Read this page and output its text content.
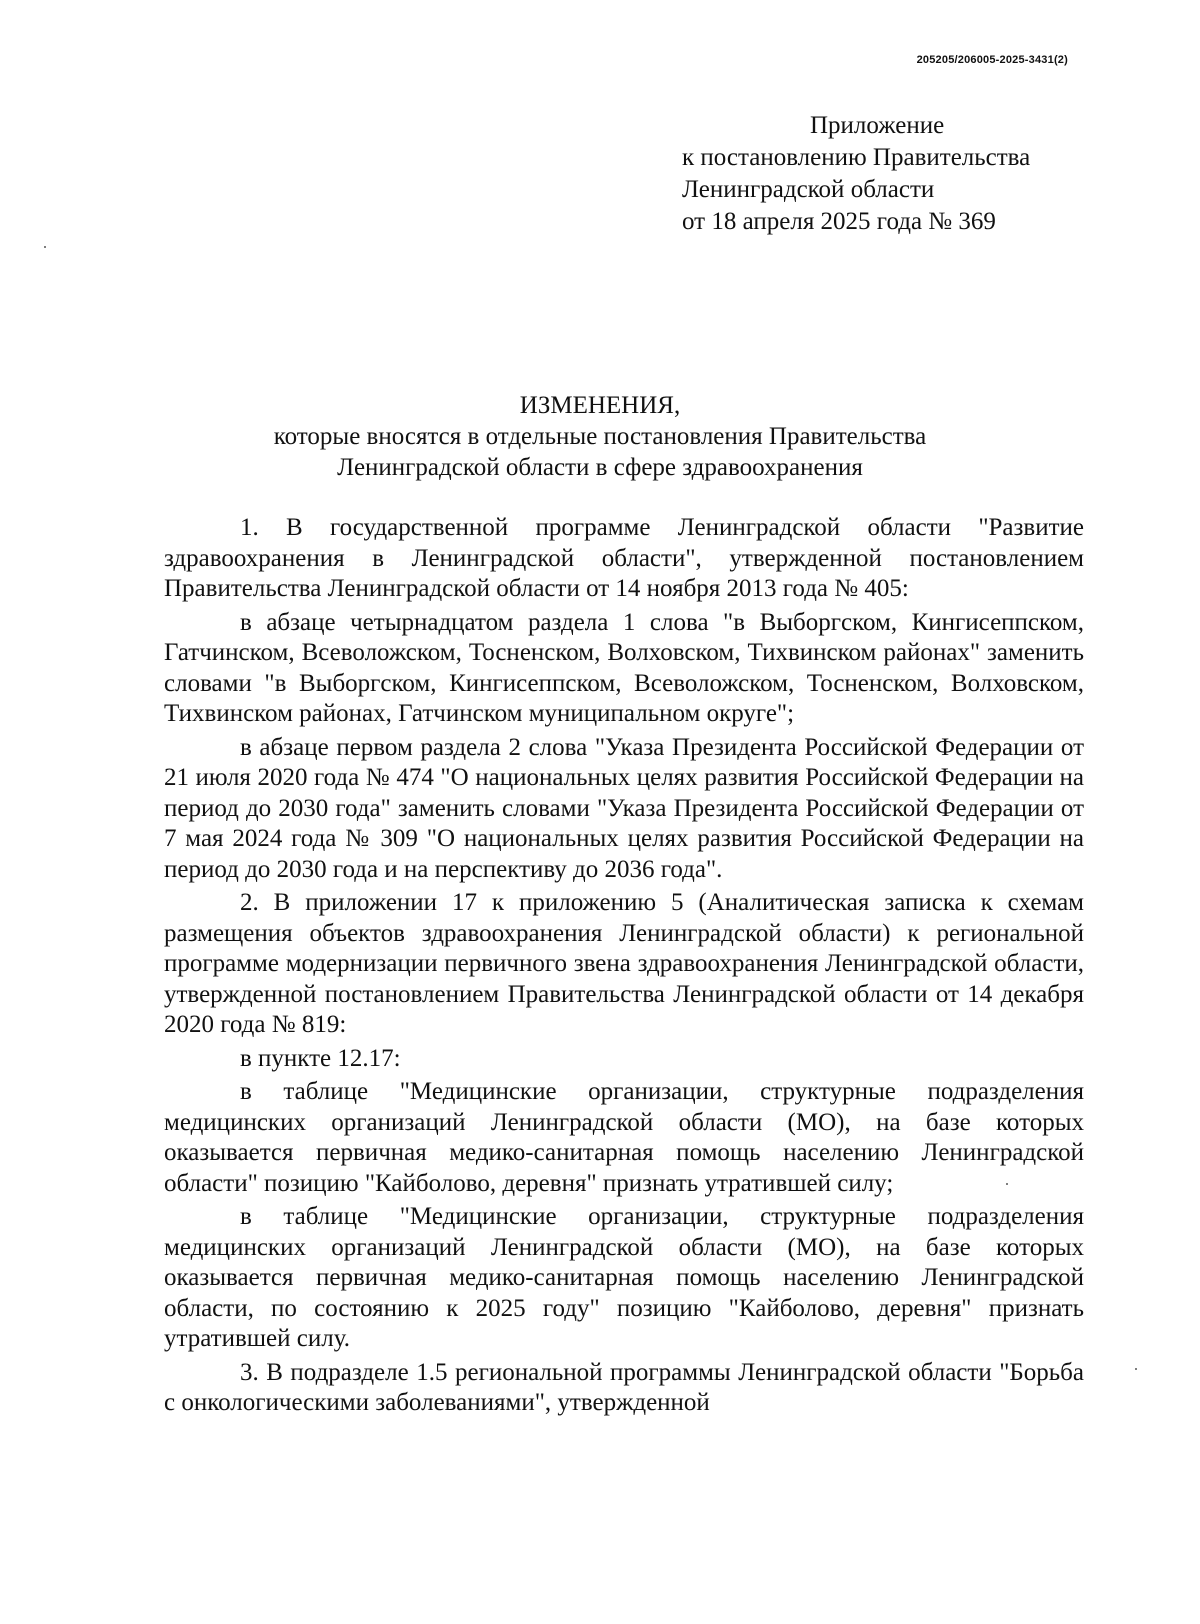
205205/206005-2025-3431(2)
Приложение
к постановлению Правительства
Ленинградской области
от 18 апреля 2025 года № 369
ИЗМЕНЕНИЯ,
которые вносятся в отдельные постановления Правительства
Ленинградской области в сфере здравоохранения

1. В государственной программе Ленинградской области "Развитие здравоохранения в Ленинградской области", утвержденной постановлением Правительства Ленинградской области от 14 ноября 2013 года № 405:

в абзаце четырнадцатом раздела 1 слова "в Выборгском, Кингисеппском, Гатчинском, Всеволожском, Тосненском, Волховском, Тихвинском районах" заменить словами "в Выборгском, Кингисеппском, Всеволожском, Тосненском, Волховском, Тихвинском районах, Гатчинском муниципальном округе";

в абзаце первом раздела 2 слова "Указа Президента Российской Федерации от 21 июля 2020 года № 474 "О национальных целях развития Российской Федерации на период до 2030 года" заменить словами "Указа Президента Российской Федерации от 7 мая 2024 года № 309 "О национальных целях развития Российской Федерации на период до 2030 года и на перспективу до 2036 года".

2. В приложении 17 к приложению 5 (Аналитическая записка к схемам размещения объектов здравоохранения Ленинградской области) к региональной программе модернизации первичного звена здравоохранения Ленинградской области, утвержденной постановлением Правительства Ленинградской области от 14 декабря 2020 года № 819:

в пункте 12.17:

в таблице "Медицинские организации, структурные подразделения медицинских организаций Ленинградской области (МО), на базе которых оказывается первичная медико-санитарная помощь населению Ленинградской области" позицию "Кайболово, деревня" признать утратившей силу;

в таблице "Медицинские организации, структурные подразделения медицинских организаций Ленинградской области (МО), на базе которых оказывается первичная медико-санитарная помощь населению Ленинградской области, по состоянию к 2025 году" позицию "Кайболово, деревня" признать утратившей силу.

3. В подразделе 1.5 региональной программы Ленинградской области "Борьба с онкологическими заболеваниями", утвержденной
